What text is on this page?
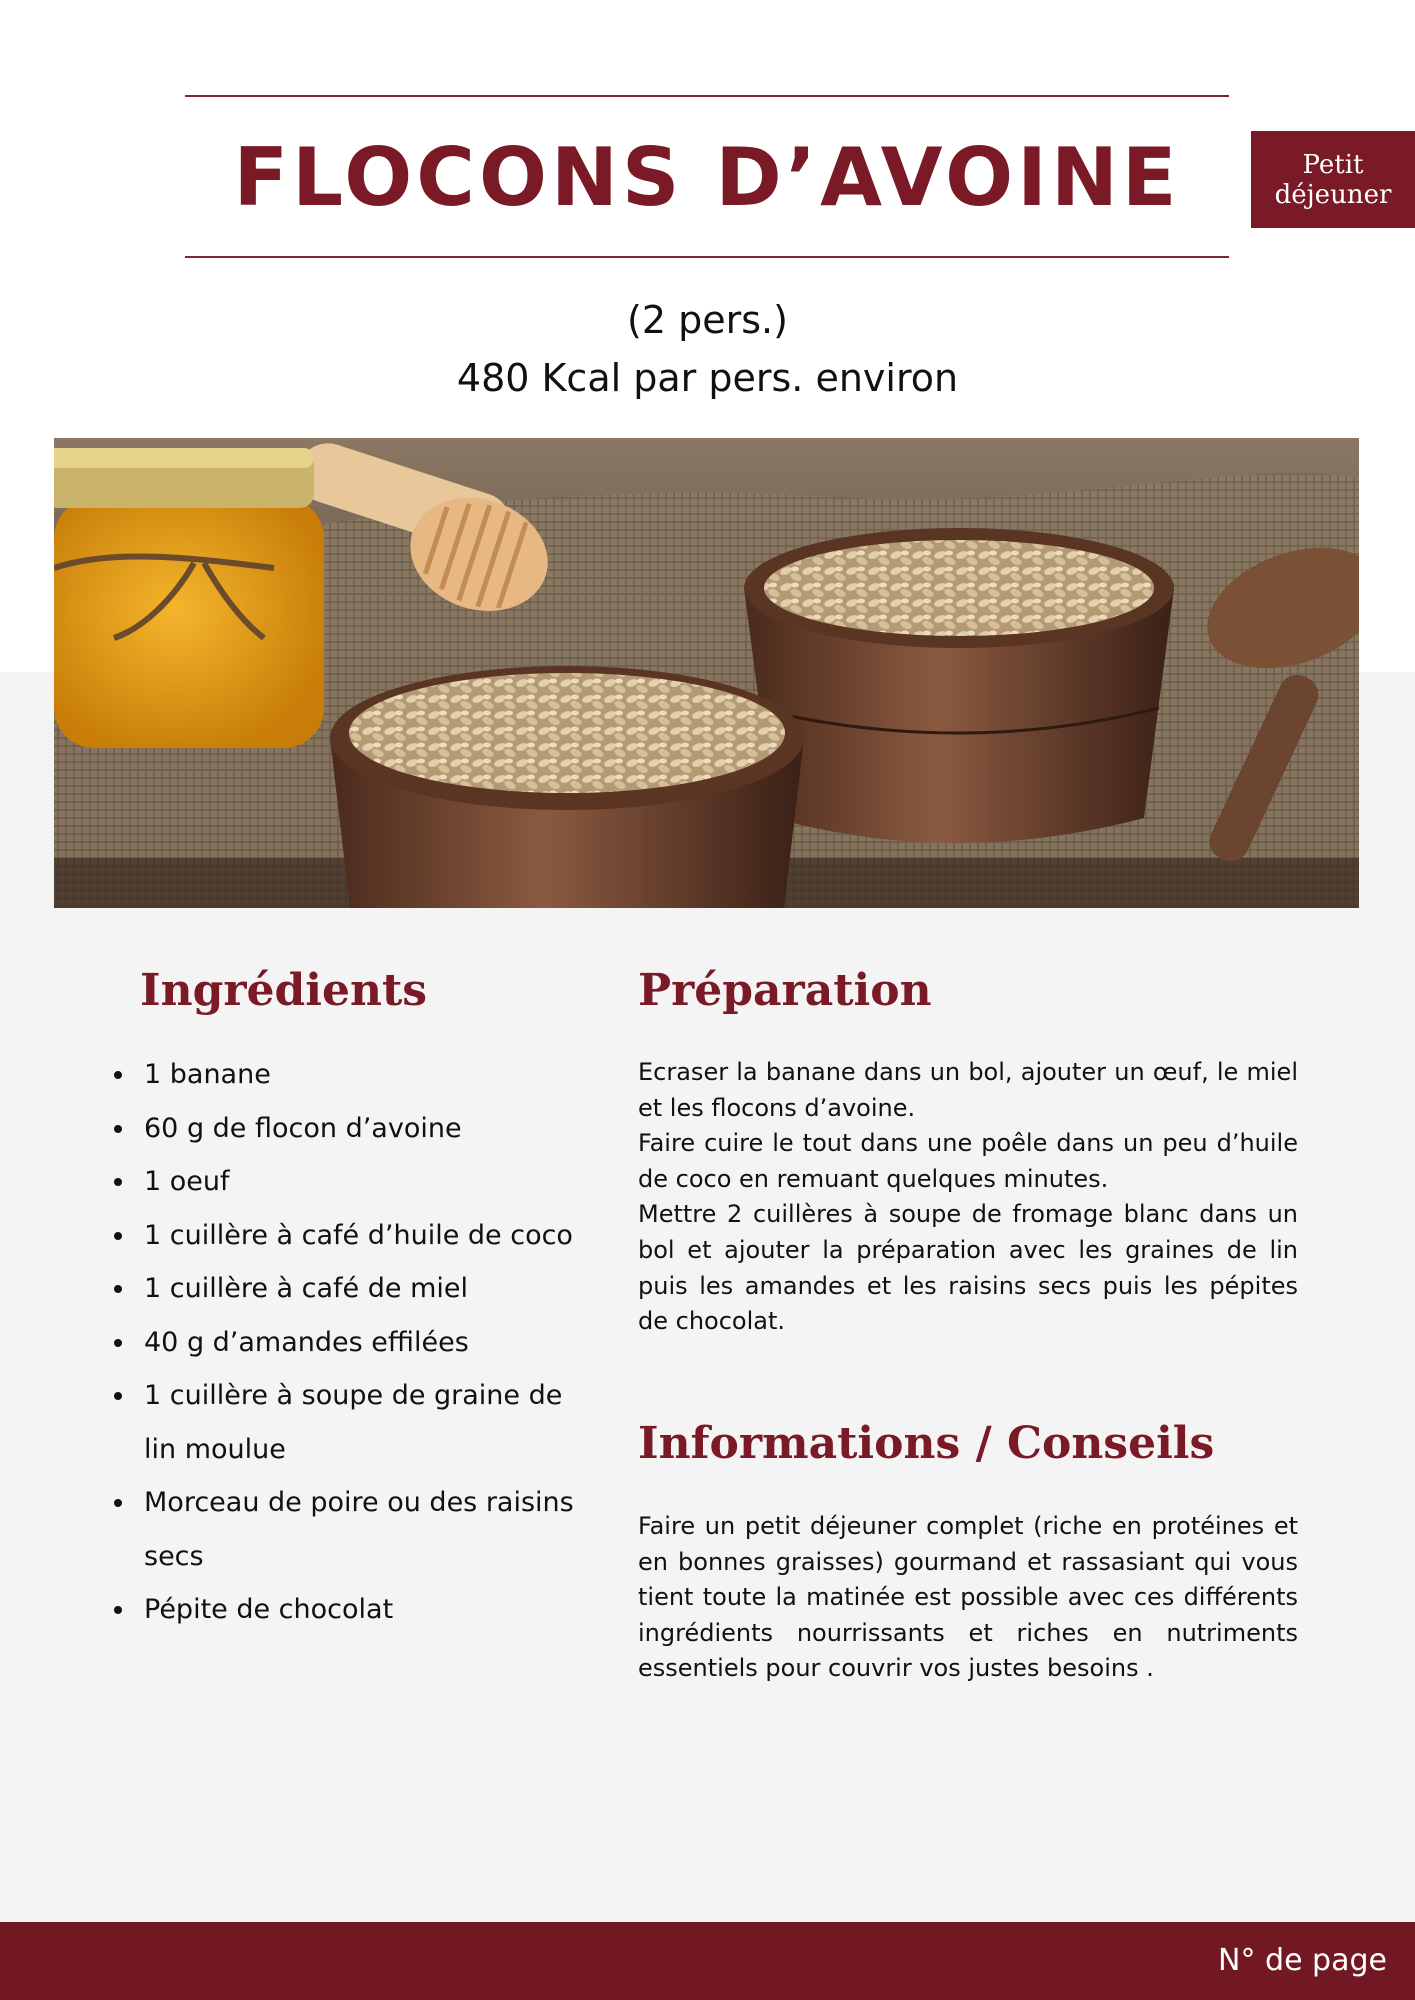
FLOCONS D’AVOINE	Petit
déjeuner
(2 pers.)
480 Kcal par pers. environ
Ingrédients	Préparation
1 banane
60 g de flocon d’avoine
1 oeuf
1 cuillère à café d’huile de coco
1 cuillère à café de miel
40 g d’amandes effilées
1 cuillère à soupe de graine de lin moulue
Morceau de poire ou des raisins secs
Pépite de chocolat
Ecraser la banane dans un bol, ajouter un œuf, le miel et les flocons d’avoine.
Faire cuire le tout dans une poêle dans un peu d’huile de coco en remuant quelques minutes.
Mettre 2 cuillères à soupe de fromage blanc dans un bol et ajouter la préparation avec les graines de lin puis les amandes et les raisins secs puis les pépites de chocolat.
Informations / Conseils

Faire un petit déjeuner complet (riche en protéines et en bonnes graisses) gourmand et rassasiant qui vous tient toute la matinée est possible avec ces différents ingrédients nourrissants et riches en nutriments essentiels pour couvrir vos justes besoins .

N° de page
